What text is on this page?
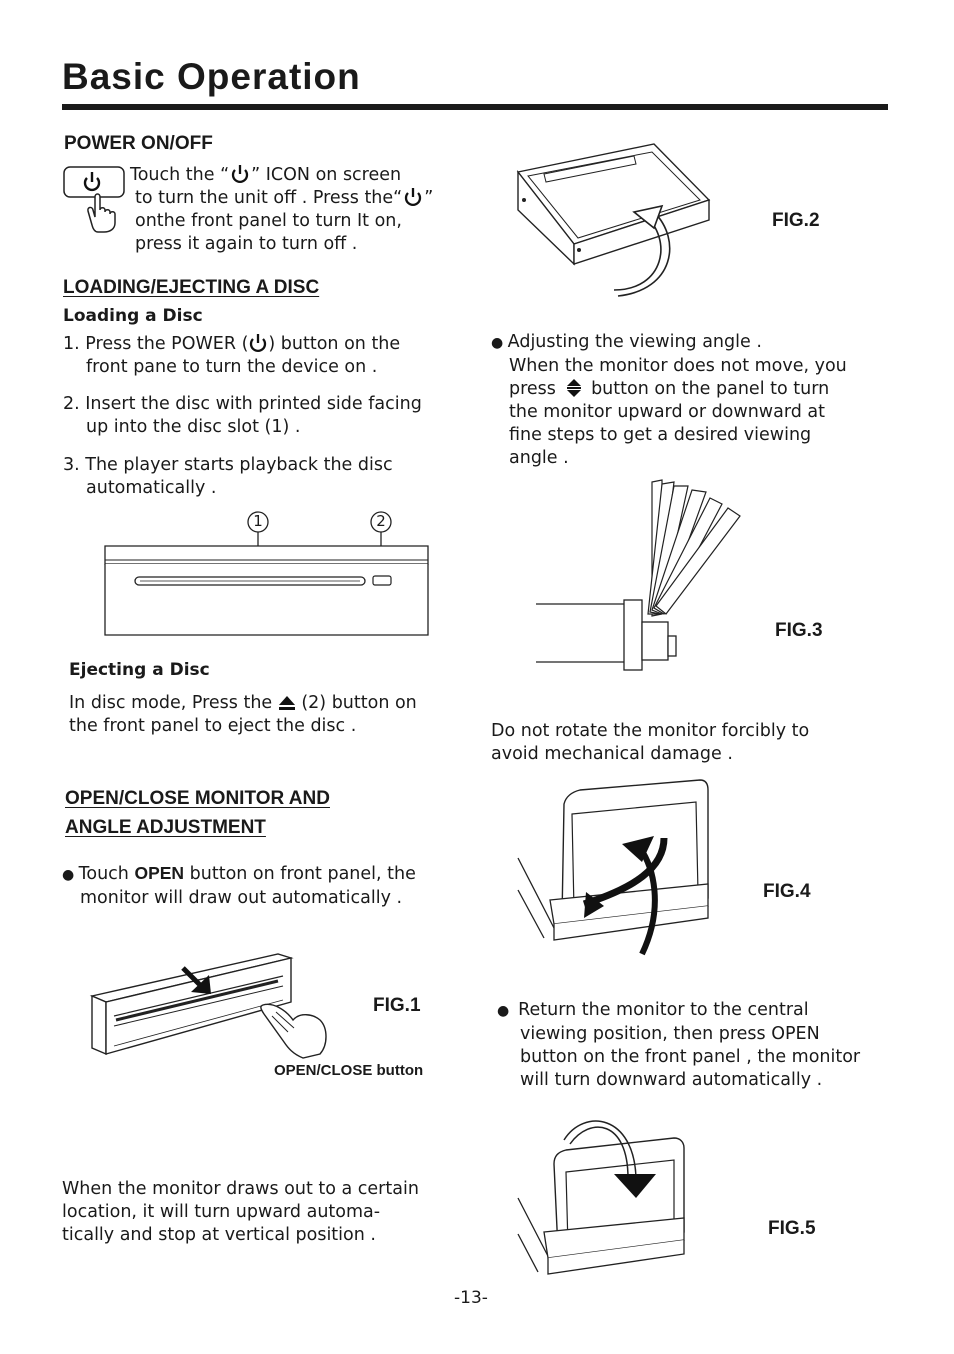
Basic Operation
POWER ON/OFF
Touch the “ ” ICON on screen
to turn the unit off . Press the“ ”
onthe front panel to turn It on,
press it again to turn off .
LOADING/EJECTING A DISC
Loading a Disc
1. Press the POWER ( ) button on the
front pane to turn the device on .
2. Insert the disc with printed side facing
up into the disc slot (1) .
3. The player starts playback the disc
automatically .
1	2
Ejecting a Disc
In disc mode, Press the (2) button on
the front panel to eject the disc .
OPEN/CLOSE MONITOR AND
ANGLE ADJUSTMENT
● Touch OPEN button on front panel, the
monitor will draw out automatically .
FIG.1
OPEN/CLOSE button
When the monitor draws out to a certain
location, it will turn upward automa-
tically and stop at vertical position .
FIG.2
● Adjusting the viewing angle .
When the monitor does not move, you
press button on the panel to turn
the monitor upward or downward at
fine steps to get a desired viewing
angle .
FIG.3
Do not rotate the monitor forcibly to
avoid mechanical damage .
FIG.4
●  Return the monitor to the central
viewing position, then press OPEN
button on the front panel , the monitor
will turn downward automatically .
FIG.5
-13-
